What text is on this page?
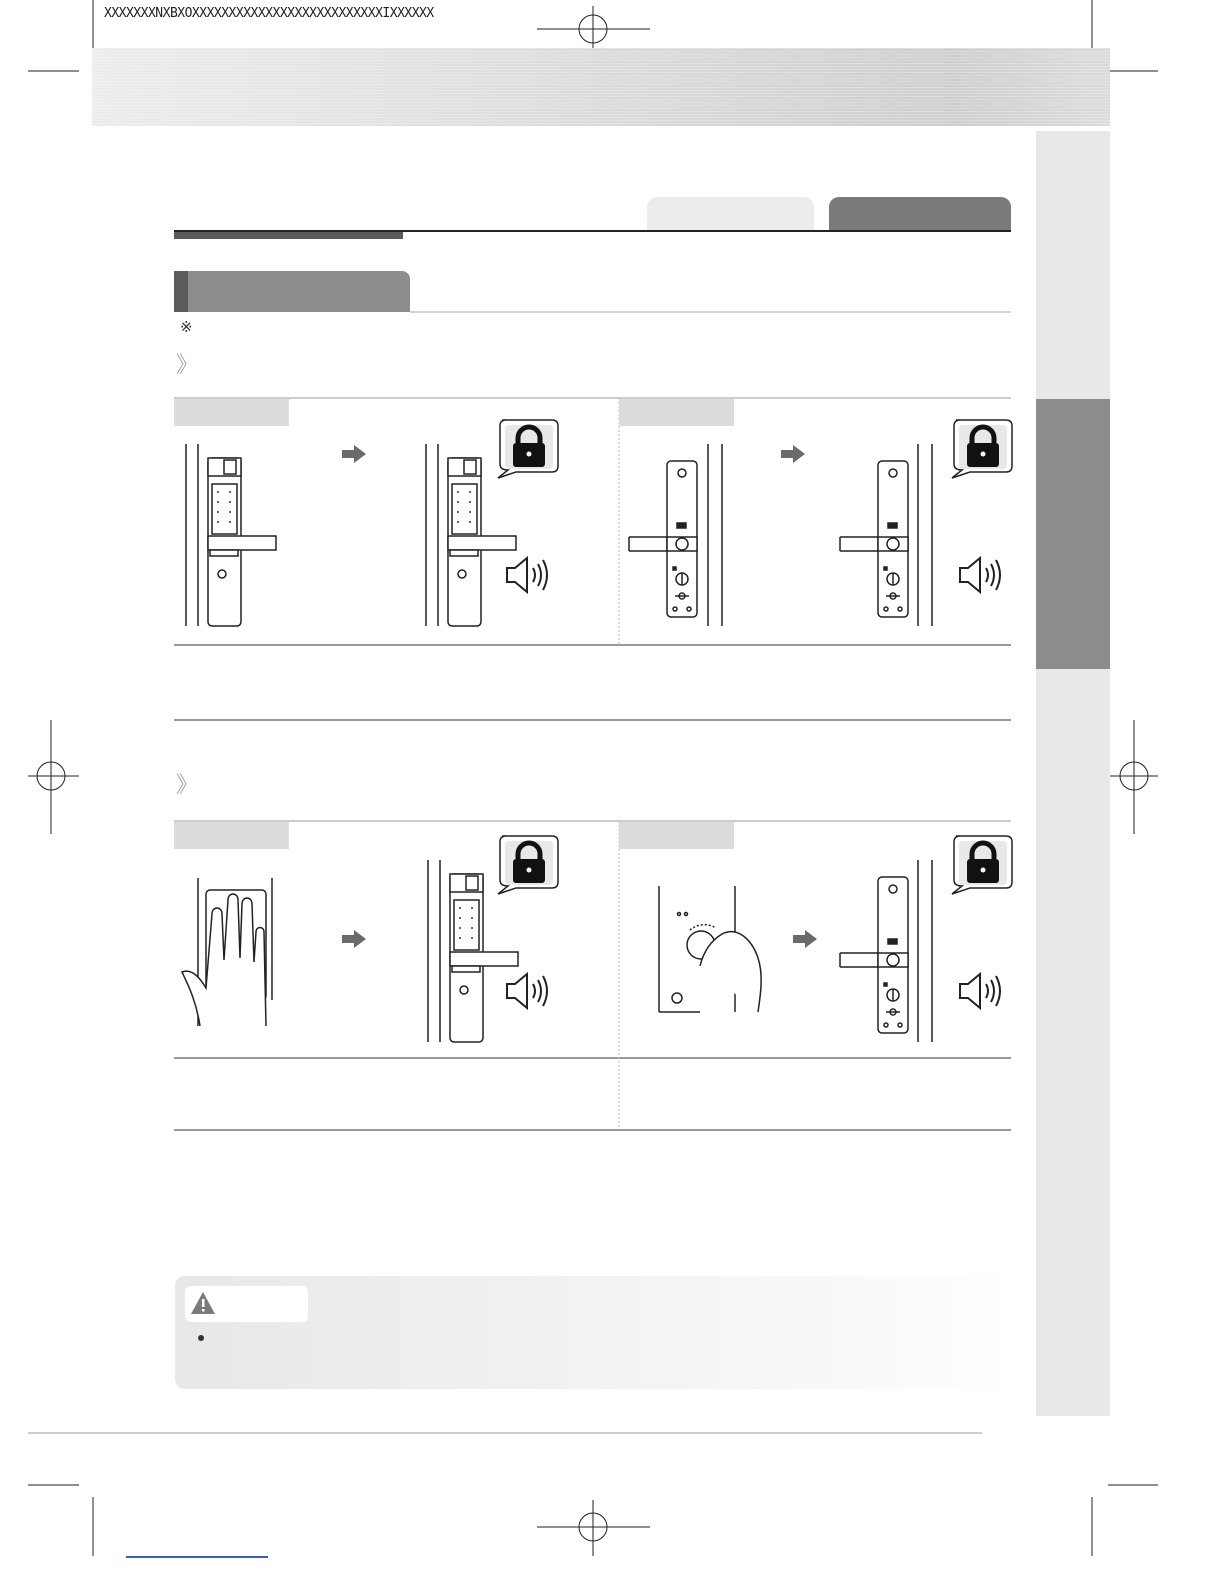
XXXXXXXNXBXOXXXXXXXXXXXXXXXXXXXXXXXXXXIXXXXXX
※
》
》
